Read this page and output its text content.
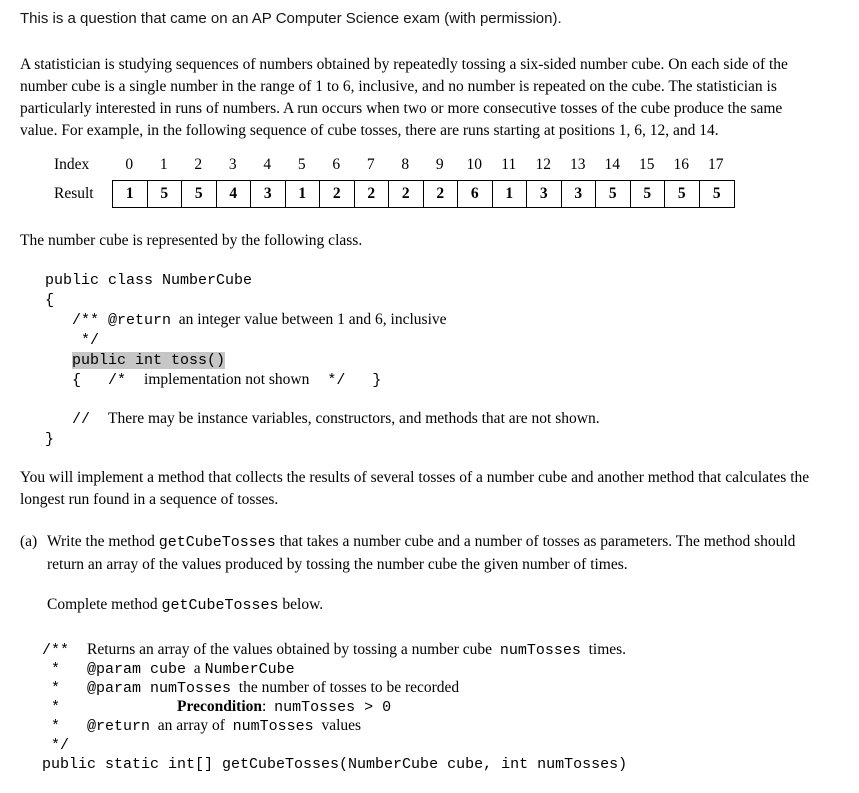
This is a question that came on an AP Computer Science exam (with permission).

A statistician is studying sequences of numbers obtained by repeatedly tossing a six-sided number cube. On each side of the number cube is a single number in the range of 1 to 6, inclusive, and no number is repeated on the cube. The statistician is particularly interested in runs of numbers. A run occurs when two or more consecutive tosses of the cube produce the same value. For example, in the following sequence of cube tosses, there are runs starting at positions 1, 6, 12, and 14.

Index	0	1	2	3	4	5	6	7	8	9	10	11	12	13	14	15	16	17
Result	1	5	5	4	3	1	2	2	2	2	6	1	3	3	5	5	5	5

The number cube is represented by the following class.

public class NumberCube
{
/** @return  an integer value between 1 and 6, inclusive
*/
public int toss()
{   /*  implementation not shown  */   }
//  There may be instance variables, constructors, and methods that are not shown.
}

You will implement a method that collects the results of several tosses of a number cube and another method that calculates the longest run found in a sequence of tosses.

(a) Write the method getCubeTosses that takes a number cube and a number of tosses as parameters. The method should return an array of the values produced by tossing the number cube the given number of times.

Complete method getCubeTosses below.

/**  Returns an array of the values obtained by tossing a number cube  numTosses  times.
*   @param cube  a NumberCube
*   @param numTosses  the number of tosses to be recorded
*             Precondition:  numTosses > 0
*   @return  an array of  numTosses  values
*/
public static int[] getCubeTosses(NumberCube cube, int numTosses)
